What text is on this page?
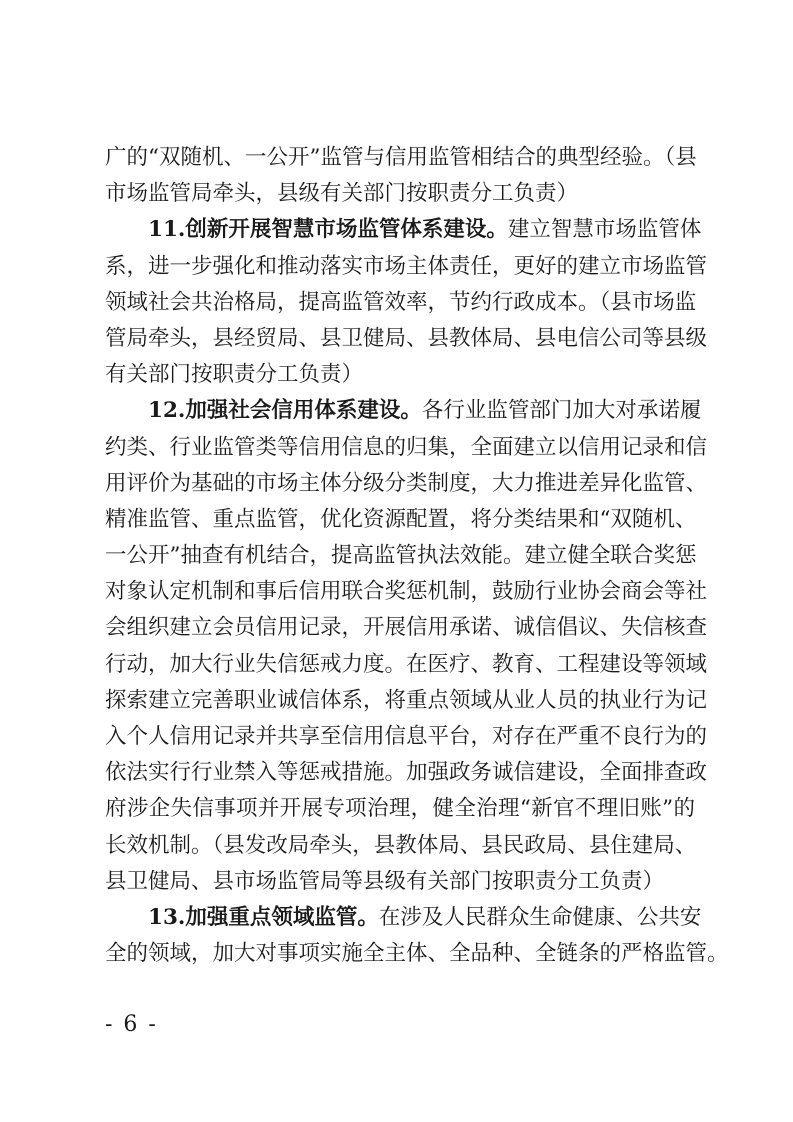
广的“双随机、一公开”监管与信用监管相结合的典型经验。（县
市场监管局牵头，县级有关部门按职责分工负责）
11.创新开展智慧市场监管体系建设。建立智慧市场监管体
系，进一步强化和推动落实市场主体责任，更好的建立市场监管
领域社会共治格局，提高监管效率，节约行政成本。（县市场监
管局牵头，县经贸局、县卫健局、县教体局、县电信公司等县级
有关部门按职责分工负责）
12.加强社会信用体系建设。各行业监管部门加大对承诺履
约类、行业监管类等信用信息的归集，全面建立以信用记录和信
用评价为基础的市场主体分级分类制度，大力推进差异化监管、
精准监管、重点监管，优化资源配置，将分类结果和“双随机、
一公开”抽查有机结合，提高监管执法效能。建立健全联合奖惩
对象认定机制和事后信用联合奖惩机制，鼓励行业协会商会等社
会组织建立会员信用记录，开展信用承诺、诚信倡议、失信核查
行动，加大行业失信惩戒力度。在医疗、教育、工程建设等领域
探索建立完善职业诚信体系，将重点领域从业人员的执业行为记
入个人信用记录并共享至信用信息平台，对存在严重不良行为的
依法实行行业禁入等惩戒措施。加强政务诚信建设，全面排查政
府涉企失信事项并开展专项治理，健全治理“新官不理旧账”的
长效机制。（县发改局牵头，县教体局、县民政局、县住建局、
县卫健局、县市场监管局等县级有关部门按职责分工负责）
13.加强重点领域监管。在涉及人民群众生命健康、公共安
全的领域，加大对事项实施全主体、全品种、全链条的严格监管。
- 6 -
